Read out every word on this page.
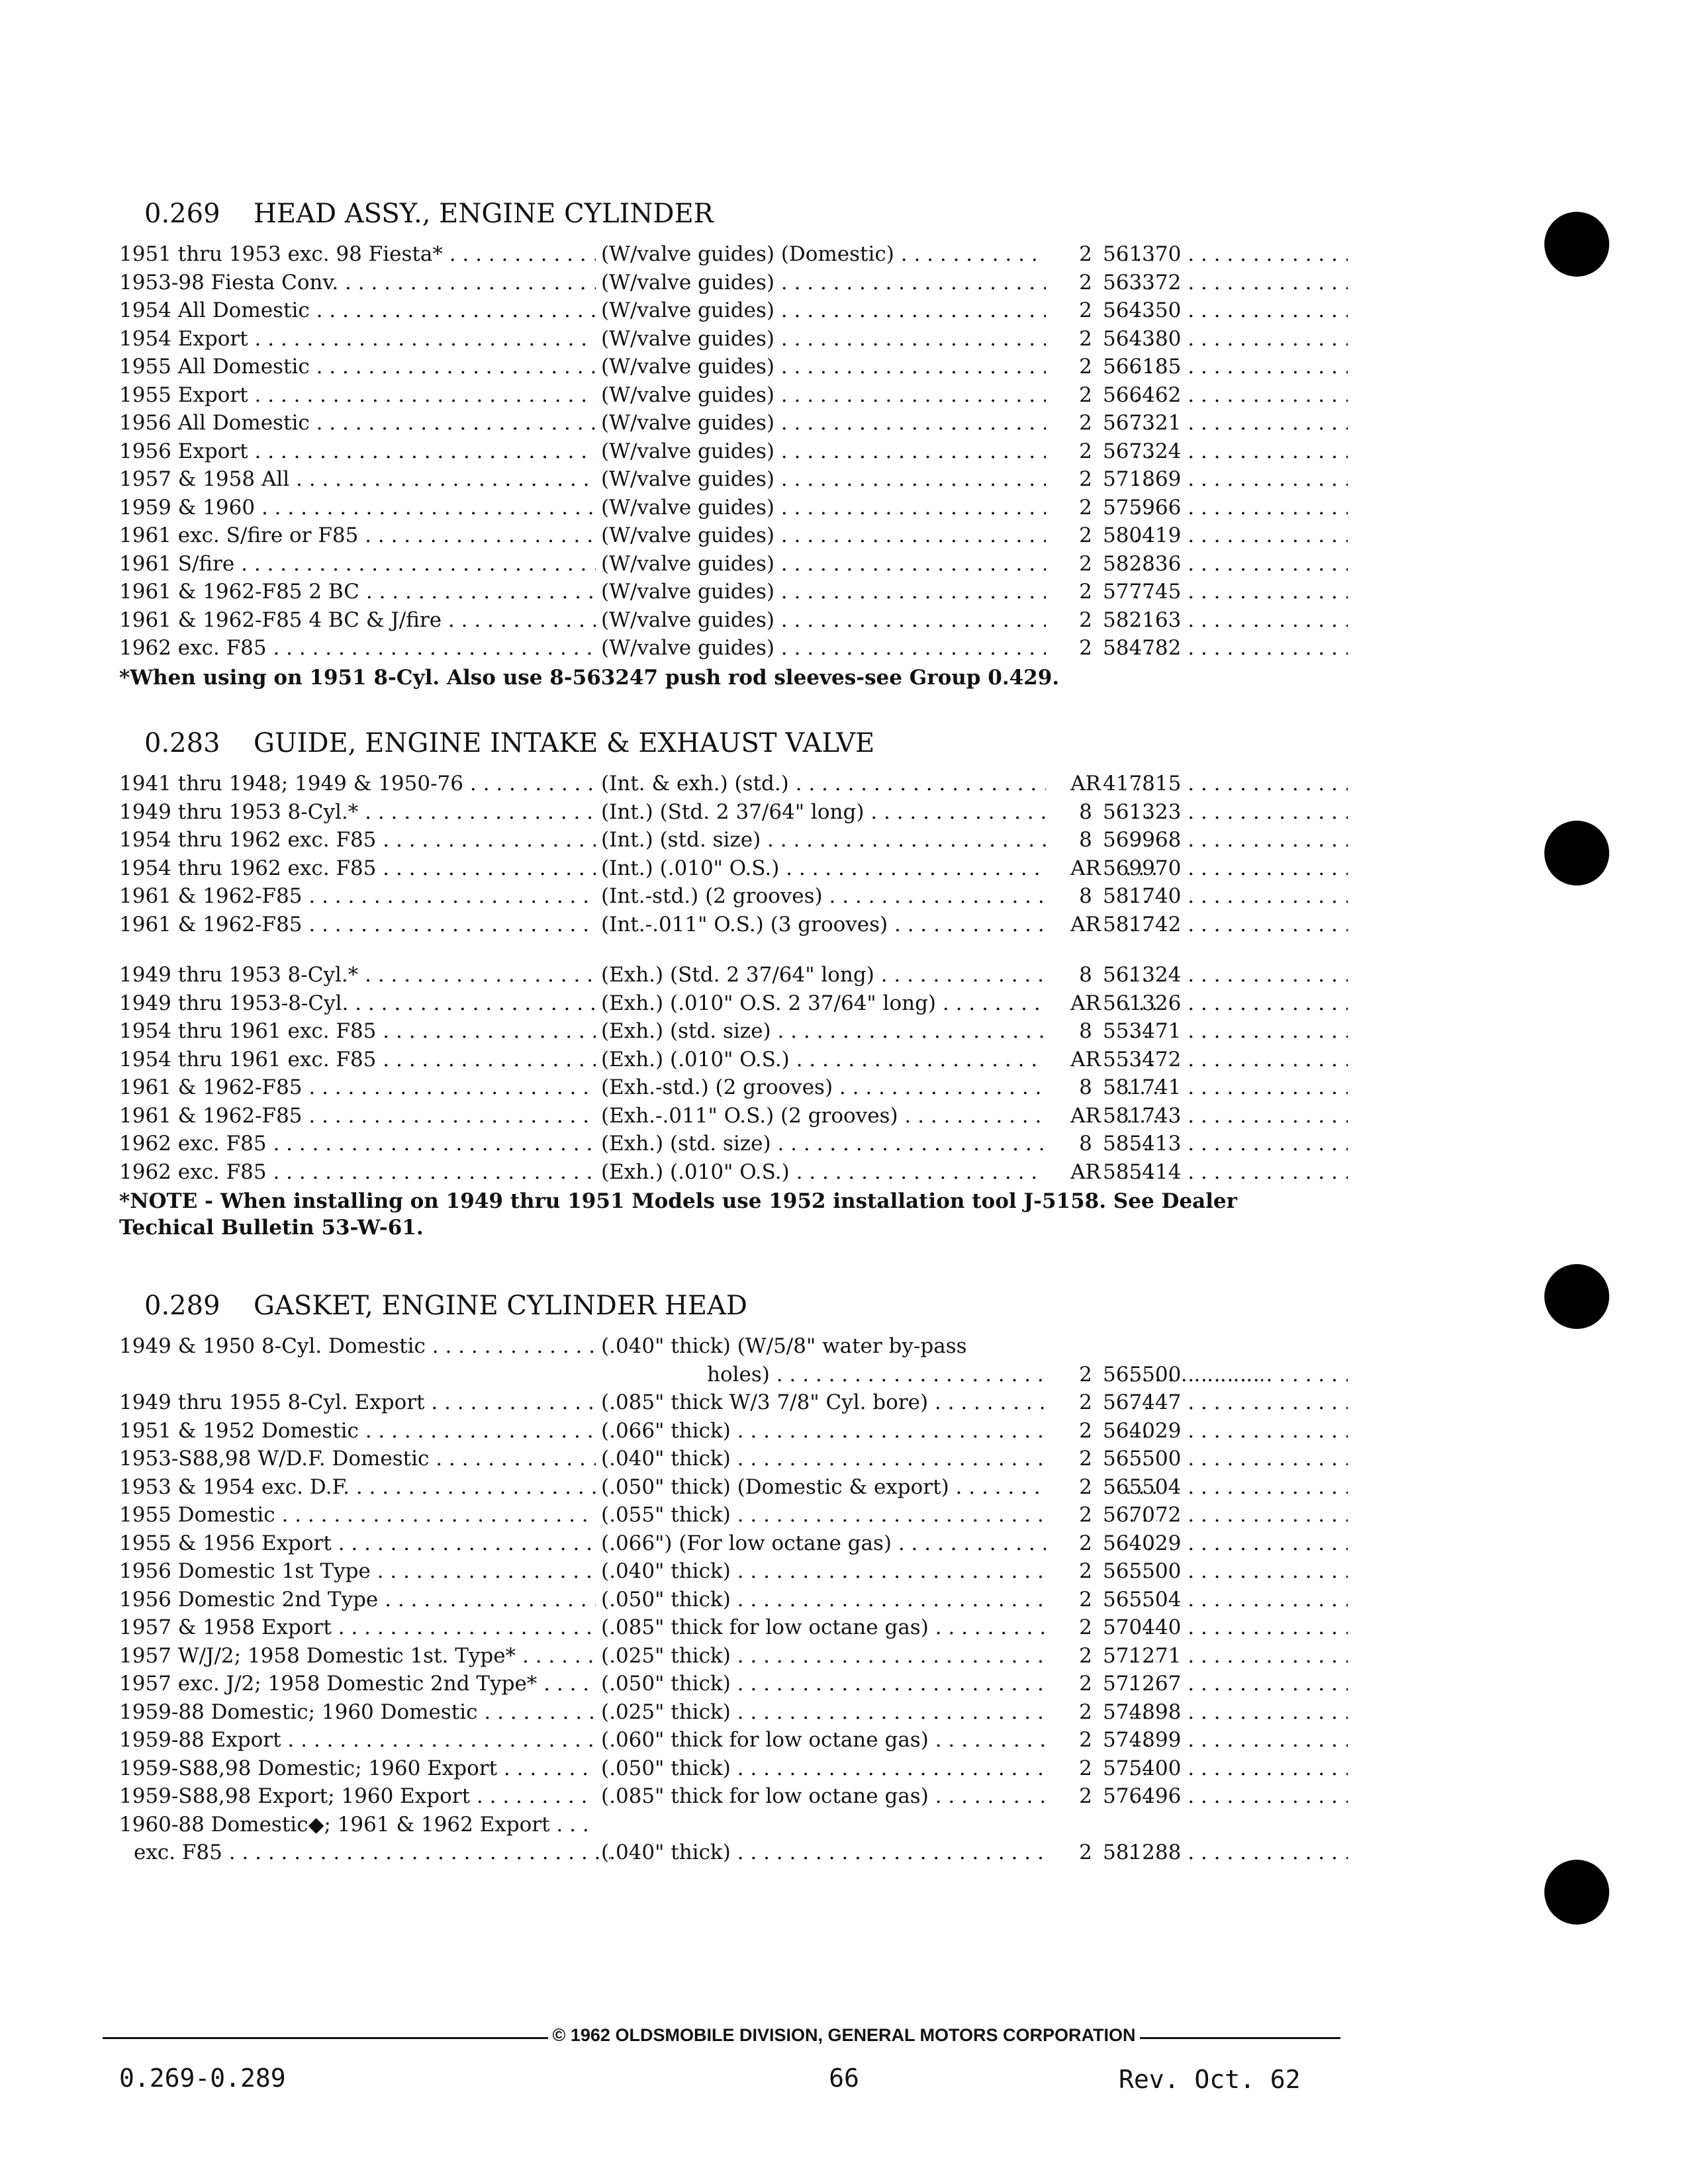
0.269 HEAD ASSY., ENGINE CYLINDER
1951 thru 1953 exc. 98 Fiesta* . . .	(W/valve guides) (Domestic) . . .	2 561370 . . .
1953-98 Fiesta Conv. . . .	(W/valve guides) . . .	2 563372 . . .
1954 All Domestic . . .	(W/valve guides) . . .	2 564350 . . .
1954 Export . . .	(W/valve guides) . . .	2 564380 . . .
1955 All Domestic . . .	(W/valve guides) . . .	2 566185 . . .
1955 Export . . .	(W/valve guides) . . .	2 566462 . . .
1956 All Domestic . . .	(W/valve guides) . . .	2 567321 . . .
1956 Export . . .	(W/valve guides) . . .	2 567324 . . .
1957 & 1958 All . . .	(W/valve guides) . . .	2 571869 . . .
1959 & 1960 . . .	(W/valve guides) . . .	2 575966 . . .
1961 exc. S/fire or F85 . . .	(W/valve guides) . . .	2 580419 . . .
1961 S/fire . . .	(W/valve guides) . . .	2 582836 . . .
1961 & 1962-F85 2 BC . . .	(W/valve guides) . . .	2 577745 . . .
1961 & 1962-F85 4 BC & J/fire . . .	(W/valve guides) . . .	2 582163 . . .
1962 exc. F85 . . .	(W/valve guides) . . .	2 584782 . . .
*When using on 1951 8-Cyl. Also use 8-563247 push rod sleeves-see Group 0.429.
0.283 GUIDE, ENGINE INTAKE & EXHAUST VALVE
1941 thru 1948; 1949 & 1950-76 . . .	(Int. & exh.) (std.) . . .	AR 417815 . . .
1949 thru 1953 8-Cyl.* . . .	(Int.) (Std. 2 37/64" long) . . .	8 561323 . . .
1954 thru 1962 exc. F85 . . .	(Int.) (std. size) . . .	8 569968 . . .
1954 thru 1962 exc. F85 . . .	(Int.) (.010" O.S.) . . .	AR 569970 . . .
1961 & 1962-F85 . . .	(Int.-std.) (2 grooves) . . .	8 581740 . . .
1961 & 1962-F85 . . .	(Int.-.011" O.S.) (3 grooves) . . .	AR 581742 . . .
1949 thru 1953 8-Cyl.* . . .	(Exh.) (Std. 2 37/64" long) . . .	8 561324 . . .
1949 thru 1953-8-Cyl. . . .	(Exh.) (.010" O.S. 2 37/64" long) . . .	AR 561326 . . .
1954 thru 1961 exc. F85 . . .	(Exh.) (std. size) . . .	8 553471 . . .
1954 thru 1961 exc. F85 . . .	(Exh.) (.010" O.S.) . . .	AR 553472 . . .
1961 & 1962-F85 . . .	(Exh.-std.) (2 grooves) . . .	8 581741 . . .
1961 & 1962-F85 . . .	(Exh.-.011" O.S.) (2 grooves) . . .	AR 581743 . . .
1962 exc. F85 . . .	(Exh.) (std. size) . . .	8 585413 . . .
1962 exc. F85 . . .	(Exh.) (.010" O.S.) . . .	AR 585414 . . .
*NOTE - When installing on 1949 thru 1951 Models use 1952 installation tool J-5158. See Dealer Techical Bulletin 53-W-61.
0.289 GASKET, ENGINE CYLINDER HEAD
1949 & 1950 8-Cyl. Domestic . . .	(.040" thick) (W/5/8" water by-pass
holes) . . .	2 565500 . . .
1949 thru 1955 8-Cyl. Export . . .	(.085" thick W/3 7/8" Cyl. bore) . . .	2 567447 . . .
1951 & 1952 Domestic . . .	(.066" thick) . . .	2 564029 . . .
1953-S88,98 W/D.F. Domestic . . .	(.040" thick) . . .	2 565500 . . .
1953 & 1954 exc. D.F. . . .	(.050" thick) (Domestic & export) . . .	2 565504 . . .
1955 Domestic . . .	(.055" thick) . . .	2 567072 . . .
1955 & 1956 Export . . .	(.066") (For low octane gas) . . .	2 564029 . . .
1956 Domestic 1st Type . . .	(.040" thick) . . .	2 565500 . . .
1956 Domestic 2nd Type . . .	(.050" thick) . . .	2 565504 . . .
1957 & 1958 Export . . .	(.085" thick for low octane gas) . . .	2 570440 . . .
1957 W/J/2; 1958 Domestic 1st. Type* . . .	(.025" thick) . . .	2 571271 . . .
1957 exc. J/2; 1958 Domestic 2nd Type* . . .	(.050" thick) . . .	2 571267 . . .
1959-88 Domestic; 1960 Domestic . . .	(.025" thick) . . .	2 574898 . . .
1959-88 Export . . .	(.060" thick for low octane gas) . . .	2 574899 . . .
1959-S88,98 Domestic; 1960 Export . . .	(.050" thick) . . .	2 575400 . . .
1959-S88,98 Export; 1960 Export . . .	(.085" thick for low octane gas) . . .	2 576496 . . .
1960-88 Domestic◆; 1961 & 1962 Export . . .
exc. F85 . . .	(.040" thick) . . .	2 581288 . . .
© 1962 OLDSMOBILE DIVISION, GENERAL MOTORS CORPORATION
0.269-0.289	66	Rev. Oct. 62
